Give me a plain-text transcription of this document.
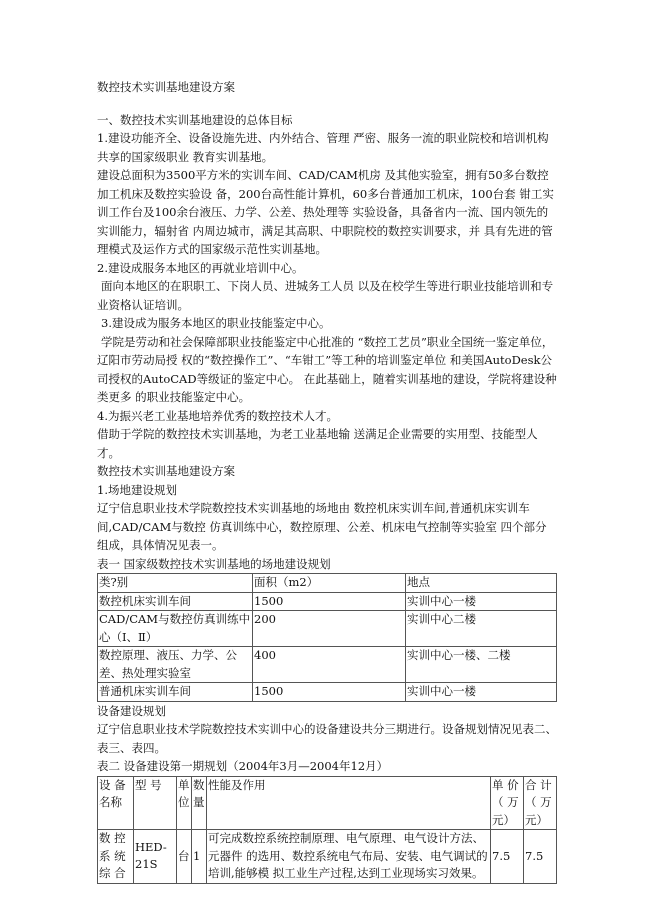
数控技术实训基地建设方案

一、数控技术实训基地建设的总体目标

1.建设功能齐全、设备设施先进、内外结合、管理 严密、服务一流的职业院校和培训机构共享的国家级职业 教育实训基地。

建设总面积为3500平方米的实训车间、CAD/CAM机房 及其他实验室，拥有50多台数控加工机床及数控实验设 备，200台高性能计算机，60多台普通加工机床，100台套 钳工实训工作台及100余台液压、力学、公差、热处理等 实验设备，具备省内一流、国内领先的实训能力，辐射省 内周边城市，满足其高职、中职院校的数控实训要求，并 具有先进的管理模式及运作方式的国家级示范性实训基地。

2.建设成服务本地区的再就业培训中心。

面向本地区的在职职工、下岗人员、进城务工人员 以及在校学生等进行职业技能培训和专业资格认证培训。

3.建设成为服务本地区的职业技能鉴定中心。

学院是劳动和社会保障部职业技能鉴定中心批准的 “数控工艺员”职业全国统一鉴定单位，辽阳市劳动局授 权的“数控操作工”、“车钳工”等工种的培训鉴定单位 和美国AutoDesk公司授权的AutoCAD等级证的鉴定中心。 在此基础上，随着实训基地的建设，学院将建设种类更多 的职业技能鉴定中心。

4.为振兴老工业基地培养优秀的数控技术人才。

借助于学院的数控技术实训基地，为老工业基地输 送满足企业需要的实用型、技能型人才。

数控技术实训基地建设方案

1.场地建设规划

辽宁信息职业技术学院数控技术实训基地的场地由 数控机床实训车间,普通机床实训车间,CAD/CAM与数控 仿真训练中心，数控原理、公差、机床电气控制等实验室 四个部分组成，具体情况见表一。

表一 国家级数控技术实训基地的场地建设规划

类?别	面积（m2）	地点
数控机床实训车间	1500	实训中心一楼
CAD/CAM与数控仿真训练中心（Ⅰ、Ⅱ）	200	实训中心二楼
数控原理、液压、力学、公差、热处理实验室	400	实训中心一楼、二楼
普通机床实训车间	1500	实训中心一楼

设备建设规划

辽宁信息职业技术学院数控技术实训中心的设备建设共分三期进行。设备规划情况见表二、表三、表四。

表二 设备建设第一期规划（2004年3月—2004年12月）

设 备名称	型 号	单位	数量	性能及作用	单 价（ 万 元）	合 计（ 万 元）
数 控系 统综 合	HED-21S	台	1	可完成数控系统控制原理、电气原理、电气设计方法、元器件 的选用、数控系统电气布局、安装、电气调试的培训,能够模 拟工业生产过程,达到工业现场实习效果。	7.5	7.5
